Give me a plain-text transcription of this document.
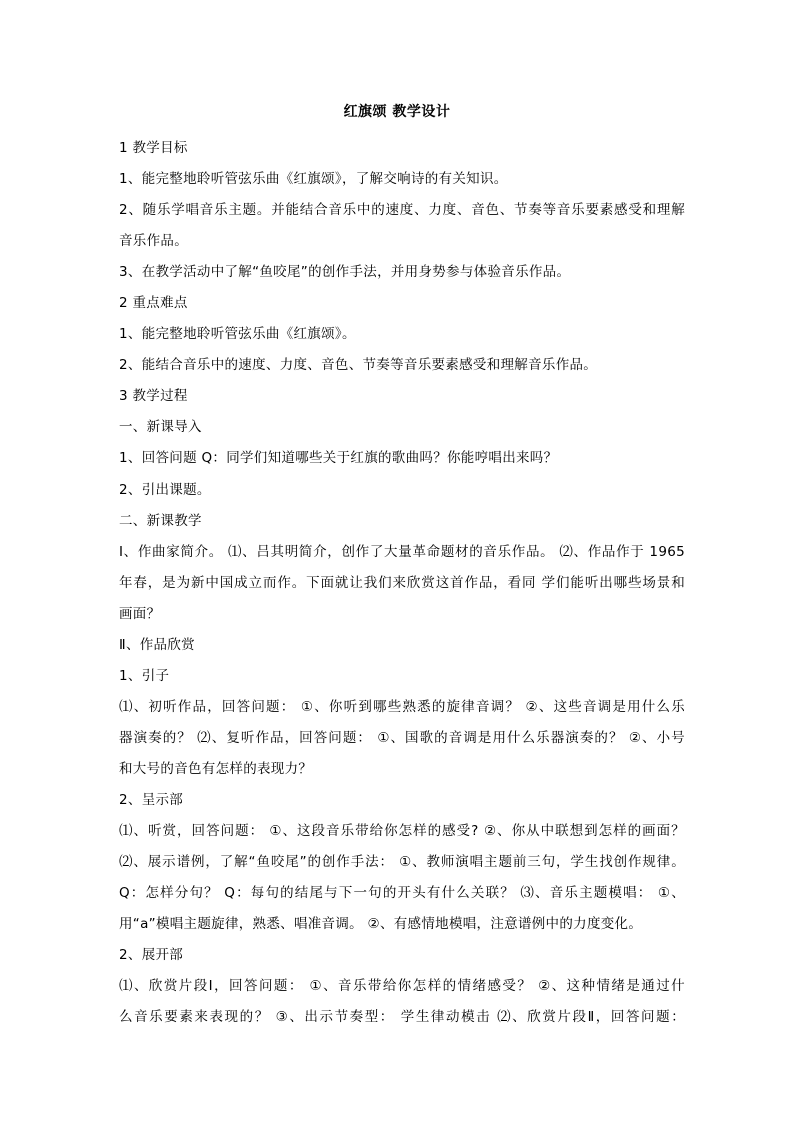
红旗颂 教学设计
1 教学目标
1、能完整地聆听管弦乐曲《红旗颂》，了解交响诗的有关知识。
2、随乐学唱音乐主题。并能结合音乐中的速度、力度、音色、节奏等音乐要素感受和理解
音乐作品。
3、在教学活动中了解“鱼咬尾”的创作手法，并用身势参与体验音乐作品。
2 重点难点
1、能完整地聆听管弦乐曲《红旗颂》。
2、能结合音乐中的速度、力度、音色、节奏等音乐要素感受和理解音乐作品。
3 教学过程
一、新课导入
1、回答问题 Q：同学们知道哪些关于红旗的歌曲吗？你能哼唱出来吗？
2、引出课题。
二、新课教学
Ⅰ、作曲家简介。 ⑴、吕其明简介，创作了大量革命题材的音乐作品。 ⑵、作品作于 1965
年春，是为新中国成立而作。下面就让我们来欣赏这首作品，看同 学们能听出哪些场景和
画面？
Ⅱ、作品欣赏
1、引子
⑴、初听作品，回答问题： ①、你听到哪些熟悉的旋律音调？ ②、这些音调是用什么乐
器演奏的？ ⑵、复听作品，回答问题： ①、国歌的音调是用什么乐器演奏的？ ②、小号
和大号的音色有怎样的表现力？
2、呈示部
⑴、听赏，回答问题： ①、这段音乐带给你怎样的感受? ②、你从中联想到怎样的画面？
⑵、展示谱例，了解“鱼咬尾”的创作手法： ①、教师演唱主题前三句，学生找创作规律。
Q：怎样分句？ Q：每句的结尾与下一句的开头有什么关联？ ⑶、音乐主题模唱： ①、
用“a”模唱主题旋律，熟悉、唱准音调。 ②、有感情地模唱，注意谱例中的力度变化。
2、展开部
⑴、欣赏片段Ⅰ，回答问题： ①、音乐带给你怎样的情绪感受？ ②、这种情绪是通过什
么音乐要素来表现的？ ③、出示节奏型： 学生律动模击 ⑵、欣赏片段Ⅱ，回答问题：
